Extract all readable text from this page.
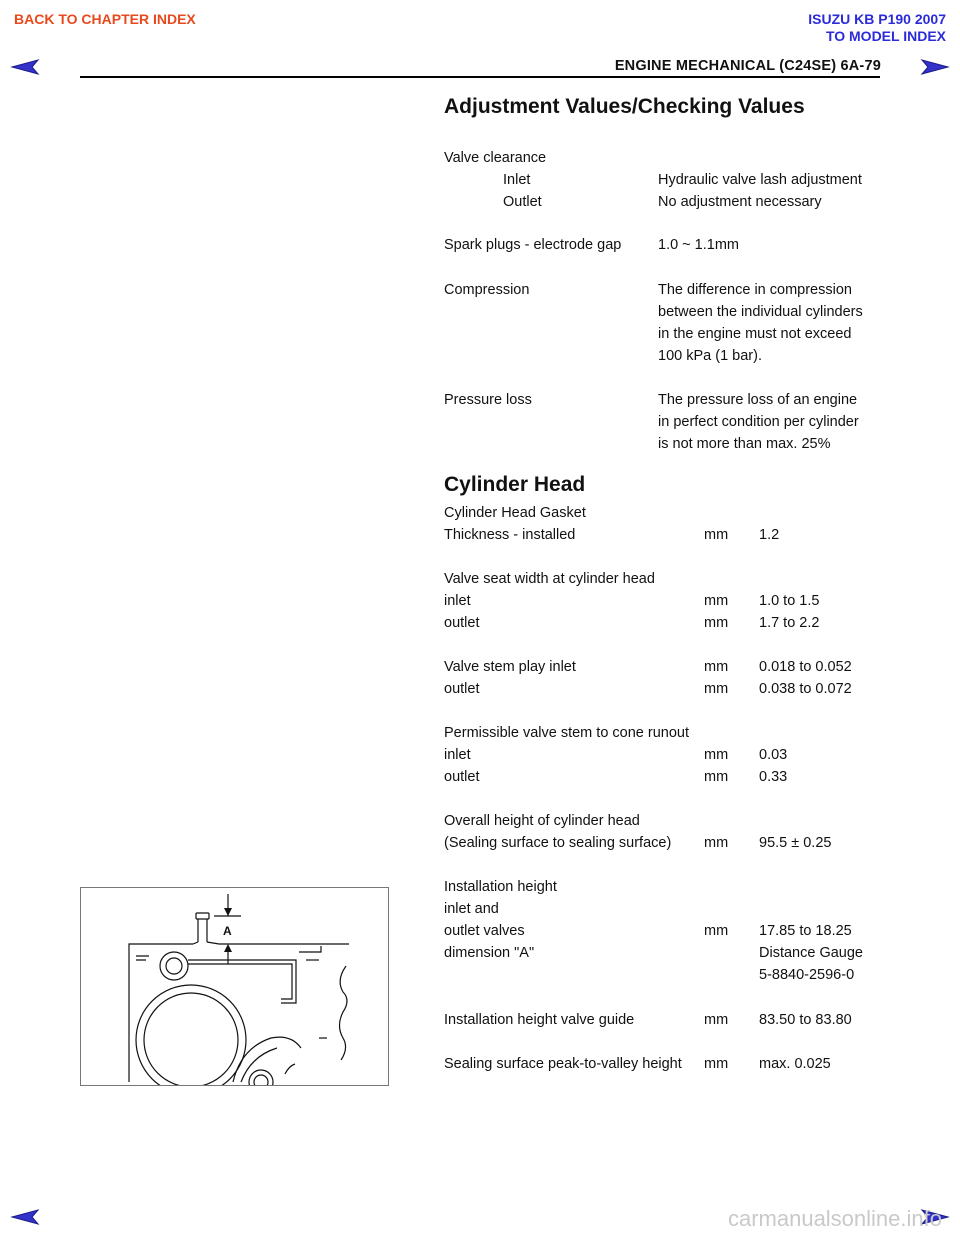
BACK TO CHAPTER INDEX	ISUZU KB P190 2007
TO MODEL INDEX
ENGINE MECHANICAL (C24SE) 6A-79
Adjustment Values/Checking Values
Valve clearance
Inlet	Hydraulic valve lash adjustment
Outlet	No adjustment necessary
Spark plugs - electrode gap	1.0 ~ 1.1mm
Compression	The difference in compression
between the individual cylinders
in the engine must not exceed
100 kPa (1 bar).
Pressure loss	The pressure loss of an engine
in perfect condition per cylinder
is not more than max. 25%
Cylinder Head
Cylinder Head Gasket
Thickness - installed	mm 1.2
Valve seat width at cylinder head
inlet	mm 1.0 to 1.5
outlet	mm 1.7 to 2.2
Valve stem play inlet	mm 0.018 to 0.052
outlet	mm 0.038 to 0.072
Permissible valve stem to cone runout
inlet	mm 0.03
outlet	mm 0.33
Overall height of cylinder head
(Sealing surface to sealing surface) mm 95.5 ± 0.25
Installation height
inlet and
outlet valves	mm 17.85 to 18.25
dimension "A"	Distance Gauge
5-8840-2596-0
Installation height valve guide	mm 83.50 to 83.80
Sealing surface peak-to-valley height mm max. 0.025
A
carmanualsonline.info
